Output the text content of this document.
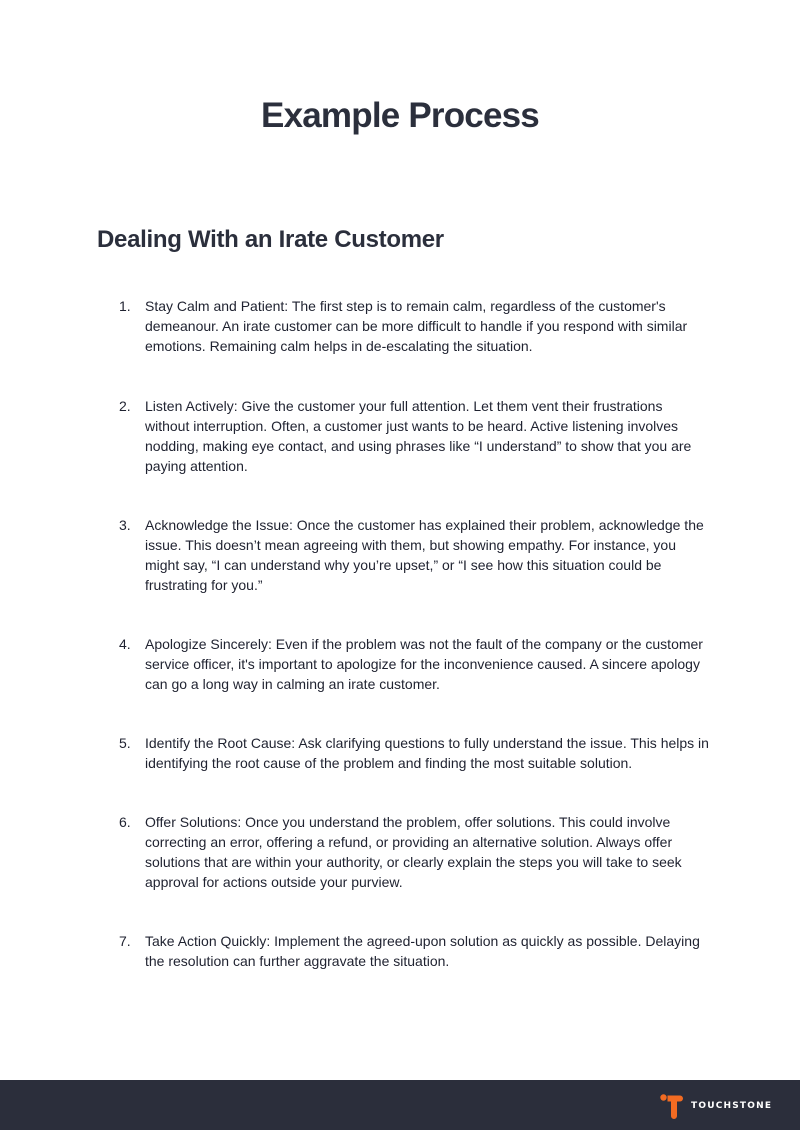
Example Process
Dealing With an Irate Customer
1.	Stay Calm and Patient: The first step is to remain calm, regardless of the customer's demeanour. An irate customer can be more difficult to handle if you respond with similar emotions. Remaining calm helps in de-escalating the situation.

2.	Listen Actively: Give the customer your full attention. Let them vent their frustrations without interruption. Often, a customer just wants to be heard. Active listening involves nodding, making eye contact, and using phrases like “I understand” to show that you are paying attention.

3.	Acknowledge the Issue: Once the customer has explained their problem, acknowledge the issue. This doesn’t mean agreeing with them, but showing empathy. For instance, you might say, “I can understand why you’re upset,” or “I see how this situation could be frustrating for you.”

4.	Apologize Sincerely: Even if the problem was not the fault of the company or the customer service officer, it's important to apologize for the inconvenience caused. A sincere apology can go a long way in calming an irate customer.

5.	Identify the Root Cause: Ask clarifying questions to fully understand the issue. This helps in identifying the root cause of the problem and finding the most suitable solution.

6.	Offer Solutions: Once you understand the problem, offer solutions. This could involve correcting an error, offering a refund, or providing an alternative solution. Always offer solutions that are within your authority, or clearly explain the steps you will take to seek approval for actions outside your purview.

7.	Take Action Quickly: Implement the agreed-upon solution as quickly as possible. Delaying the resolution can further aggravate the situation.

TOUCHSTONE
